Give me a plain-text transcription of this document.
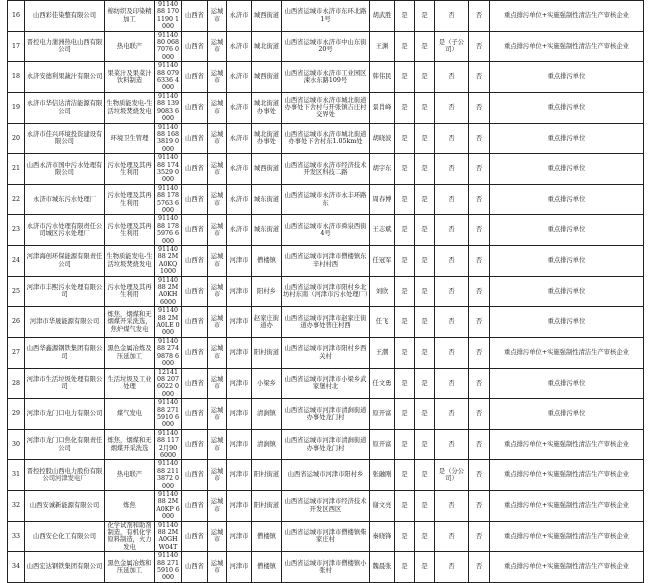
16	山西彩佳染整有限公司	棉纺织及印染精加工	9114088 1701190 1000	山西省	运城市	永济市	城西街道	山西省运城市永济市东环北路1号	胡武胜	是	是	否	否	重点排污单位+实施强制性清洁生产审核企业
17	晋控电力蒲洲热电山西有限公司	热电联产	9114080 0687076 0000	山西省	运城市	永济市	城北街道	山西省运城市永济市中山东街20号	王渊	是	是	是（子公司）	否	重点排污单位+实施强制性清洁生产审核企业
18	永济安德利果蔬汁有限公司	果菜汁及果菜汁饮料制造	9114088 0796336 4000	山西省	运城市	永济市	城西街道	山西省运城市永济市工业园区涑水东路109号	韩伟民	是	是	否	否	重点排污单位
19	永济市华信达清洁能源有限公司	生物质能发电-生活垃圾焚烧发电	9114088 1399083 6000	山西省	运城市	永济市	城北街道办事处	山西省运城市永济市城北街道办事处下舍村与开张镇吉庄村交界处	景肖峰	是	是	否	否	重点排污单位
20	永济市佳兴环境投资建设有限公司	环境卫生管理	9114088 1683819 0000	山西省	运城市	永济市	城北街道办事处	山西省运城市永济市城北街道办事处下舍村东1.05km处	胡晓波	是	是	否	否	重点排污单位
21	山西永济市国中污水处理有限公司	污水处理及其再生利用	9114088 1743529 0000	山西省	运城市	永济市	城西街道	山西省运城市永济市经济技术开发区科技二路	胡宇东	是	是	否	否	重点排污单位
22	永济市城东污水处理厂	污水处理及其再生利用	9114088 1785763 6000	山西省	运城市	永济市	城东街道	山西省运城市永济市永丰环路东	周春博	是	是	否	否	重点排污单位
23	永济市污水处理有限责任公司城区污水处理厂	污水处理及其再生利用	9114088 1785976 6000	山西省	运城市	永济市	城东街道	山西省运城市永济市舜泉西街4号	王志斌	是	是	否	否	重点排污单位
24	河津海创环保能源有限责任公司	生物质能发电-生活垃圾焚烧发电	9114088 2MA0KQ 1000	山西省	运城市	河津市	僧楼镇	山西省运城市河津市僧楼镇东辛村村西	任冠军	是	是	否	否	重点排污单位
25	河津市丰熙污水处理有限公司	污水处理及其再生利用	9114088 2MA0KH 6000	山西省	运城市	河津市	阳村乡	山西省运城市河津市阳村乡北坊村东南（河津市污水处理厂）	刘欣	是	是	否	否	重点排污单位
26	河津市华晟能源有限公司	炼焦，烟煤和无烟煤开采洗选，焦炉煤气发电	9114088 2MA0LE 0000	山西省	运城市	河津市	赵家庄街道办	山西省运城市河津市赵家庄街道办事处普庄村西	任飞	是	是	否	否	重点排污单位
27	山西华鑫源钢铁集团有限公司	黑色金属冶炼及压延加工	9114088 2749878 6000	山西省	运城市	河津市	阳村街道	山西省运城市河津市阳村乡西关村	王潮	是	是	否	否	重点排污单位+实施强制性清洁生产审核企业
28	河津市生活垃圾处理有限公司	生活垃圾及工业处理	1214108 2076022 0000	山西省	运城市	河津市	小梁乡	山西省运城市河津市小梁乡武家堡村北	任文勇	是	是	否	否	重点排污单位
29	河津市龙门口电力有限公司	煤气发电	9114088 2715910 6000	山西省	运城市	河津市	清涧镇	山西省运城市河津市清涧街道办事处龙门村	原开富	是	是	否	否	重点排污单位
30	河津市龙门口焦化有限责任公司	炼焦，烟煤和无烟煤开采洗选	9114088 1172月90 6000	山西省	运城市	河津市	清涧镇	山西省运城市河津市清涧街道办事处龙门村	原开富	是	是	否	否	重点排污单位+实施强制性清洁生产审核企业
31	晋控控股山西电力股份有限公司河津发电厂	热电联产	9114088 2113872 0000	山西省	运城市	河津市	阳村街道	山西省运城市河津市阳村乡	张融刚	是	是	是（分公司）	否	重点排污单位+实施强制性清洁生产审核企业
32	山西安诚新能源有限公司	炼焦	9114088 2MA0KP 6000	山西省	运城市	河津市	阳村街道	山西省运城市河津市经济技术开发区西区	谢文亮	是	是	否	否	重点排污单位+实施强制性清洁生产审核企业
33	山西安仑化工有限公司	化学试剂和助剂制造，有机化学原料制造，火力发电	9114088 2MA0GH W04T	山西省	运城市	河津市	僧楼镇	山西省运城市河津市僧楼镇柴家庄村	秦晓锋	是	是	否	否	重点排污单位+实施强制性清洁生产审核企业
34	山西宏达钢铁集团有限公司	黑色金属冶炼和压延加工	9114088 2715910 6000	山西省	运城市	河津市	僧楼镇	山西省运城市河津市僧楼镇小张村	魏晨张	是	是	否	否	重点排污单位+实施强制性清洁生产审核企业
